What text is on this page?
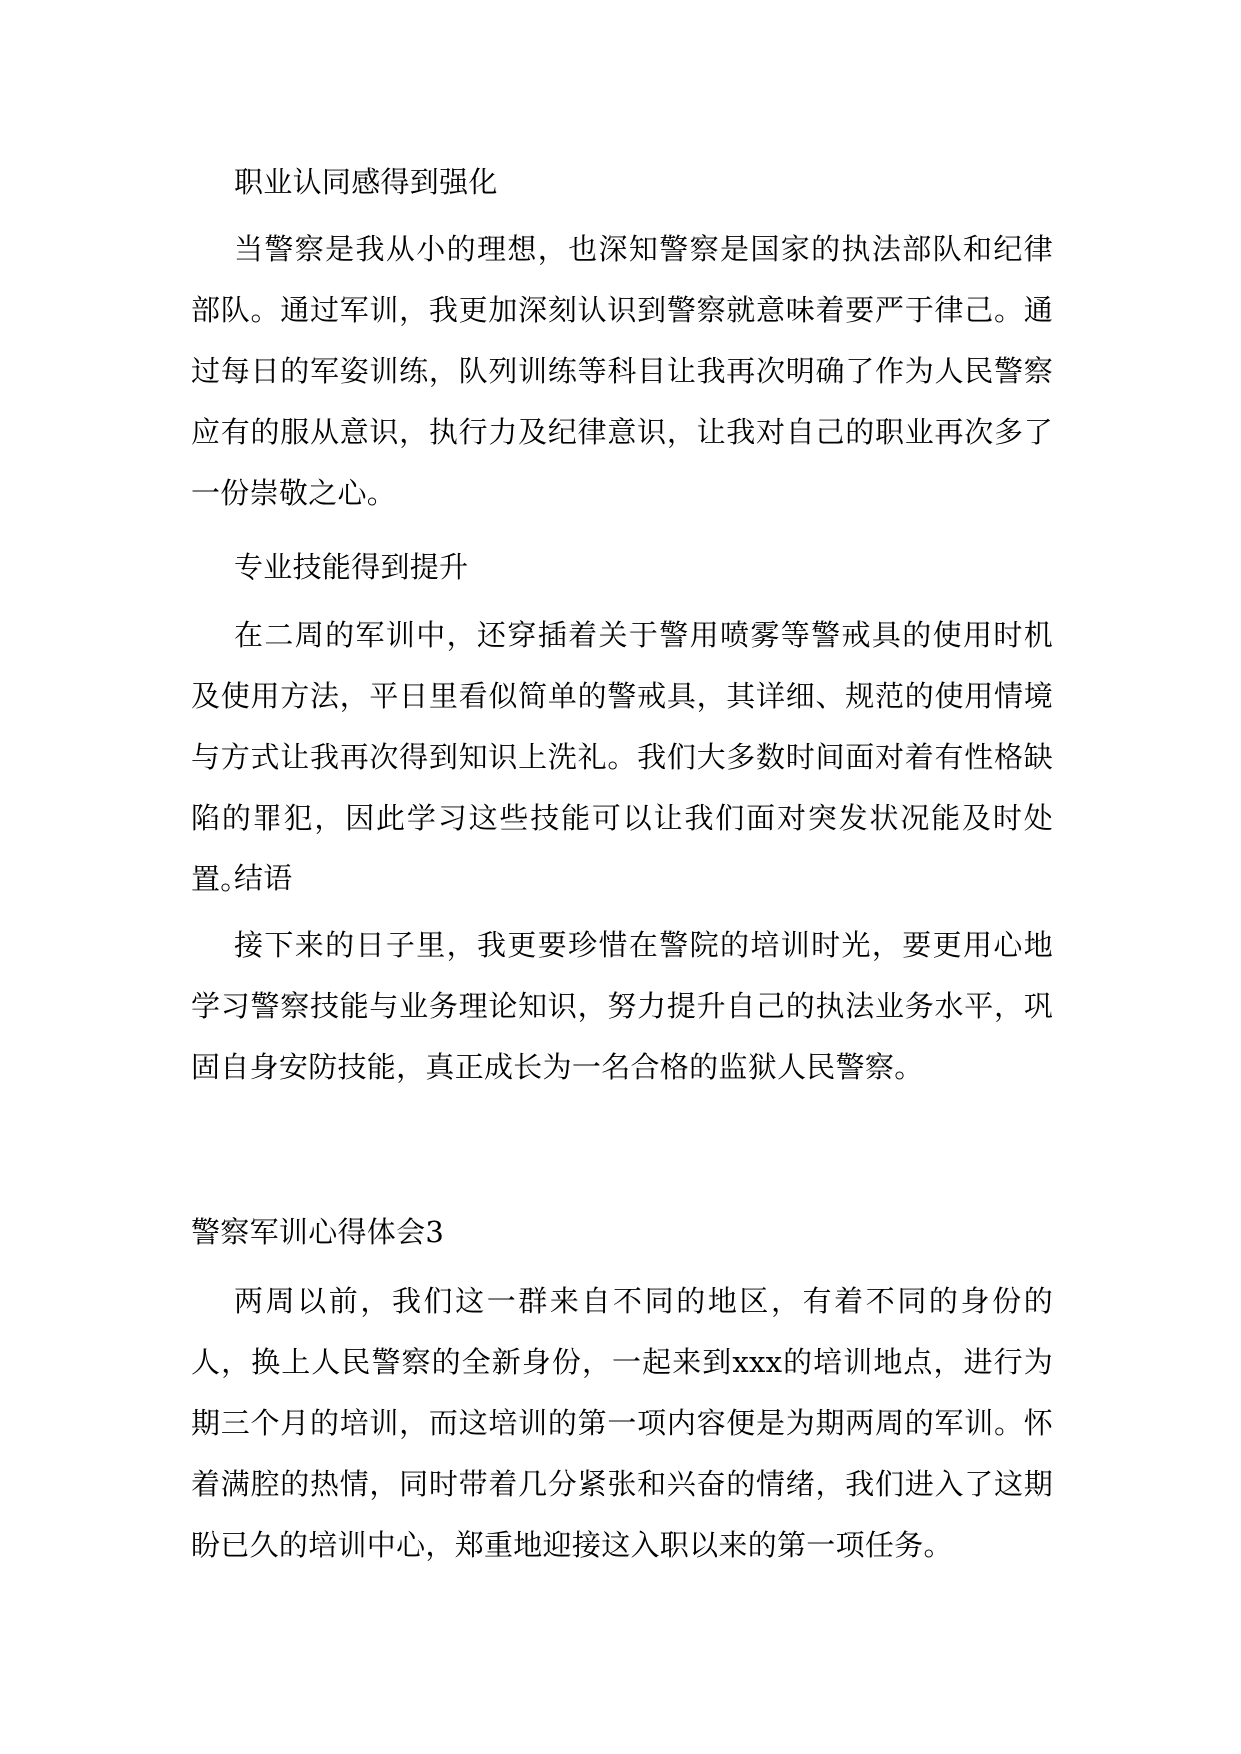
职业认同感得到强化

当警察是我从小的理想，也深知警察是国家的执法部队和纪律部队。通过军训，我更加深刻认识到警察就意味着要严于律己。通过每日的军姿训练，队列训练等科目让我再次明确了作为人民警察应有的服从意识，执行力及纪律意识，让我对自己的职业再次多了一份崇敬之心。

专业技能得到提升

在二周的军训中，还穿插着关于警用喷雾等警戒具的使用时机及使用方法，平日里看似简单的警戒具，其详细、规范的使用情境与方式让我再次得到知识上洗礼。我们大多数时间面对着有性格缺陷的罪犯，因此学习这些技能可以让我们面对突发状况能及时处置。

结语

接下来的日子里，我更要珍惜在警院的培训时光，要更用心地学习警察技能与业务理论知识，努力提升自己的执法业务水平，巩固自身安防技能，真正成长为一名合格的监狱人民警察。

警察军训心得体会3

两周以前，我们这一群来自不同的地区，有着不同的身份的人，换上人民警察的全新身份，一起来到xxx的培训地点，进行为期三个月的培训，而这培训的第一项内容便是为期两周的军训。怀着满腔的热情，同时带着几分紧张和兴奋的情绪，我们进入了这期盼已久的培训中心，郑重地迎接这入职以来的第一项任务。
